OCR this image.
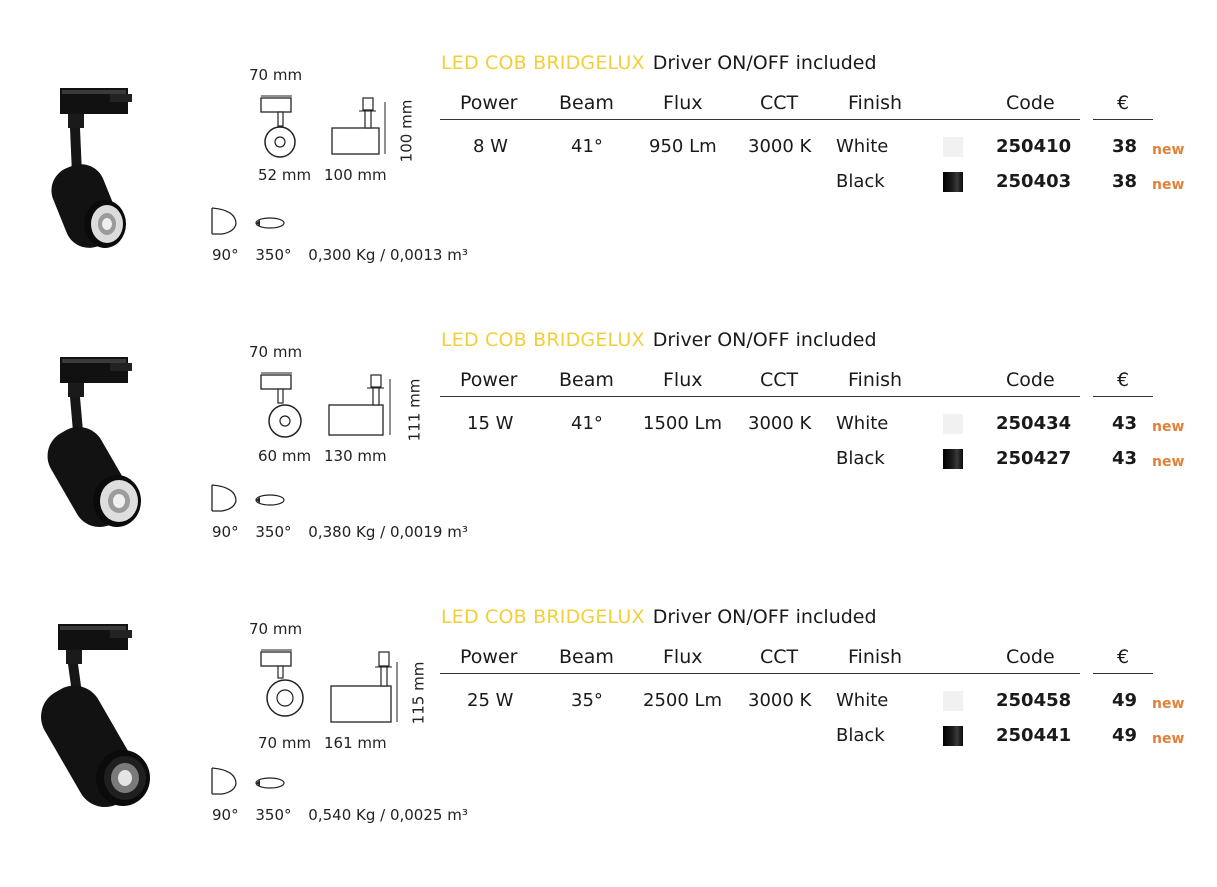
70 mm
52 mm 100 mm
100 mm
90° 350° 0,300 Kg / 0,0013 m³
LED COB BRIDGELUX Driver ON/OFF included
Power Beam	Flux	CCT	Finish	Code	€
8 W	41°	950 Lm 3000 K White	250410 38 new
Black	250403 38 new
70 mm
60 mm 130 mm
111 mm
90° 350° 0,380 Kg / 0,0019 m³
LED COB BRIDGELUX Driver ON/OFF included
Power Beam	Flux	CCT	Finish	Code	€
15 W	41° 1500 Lm 3000 K White	250434 43 new
Black	250427 43 new
70 mm
70 mm 161 mm
115 mm
90° 350° 0,540 Kg / 0,0025 m³
LED COB BRIDGELUX Driver ON/OFF included
Power Beam	Flux	CCT	Finish	Code	€
25 W	35° 2500 Lm 3000 K White	250458 49 new
Black	250441 49 new
